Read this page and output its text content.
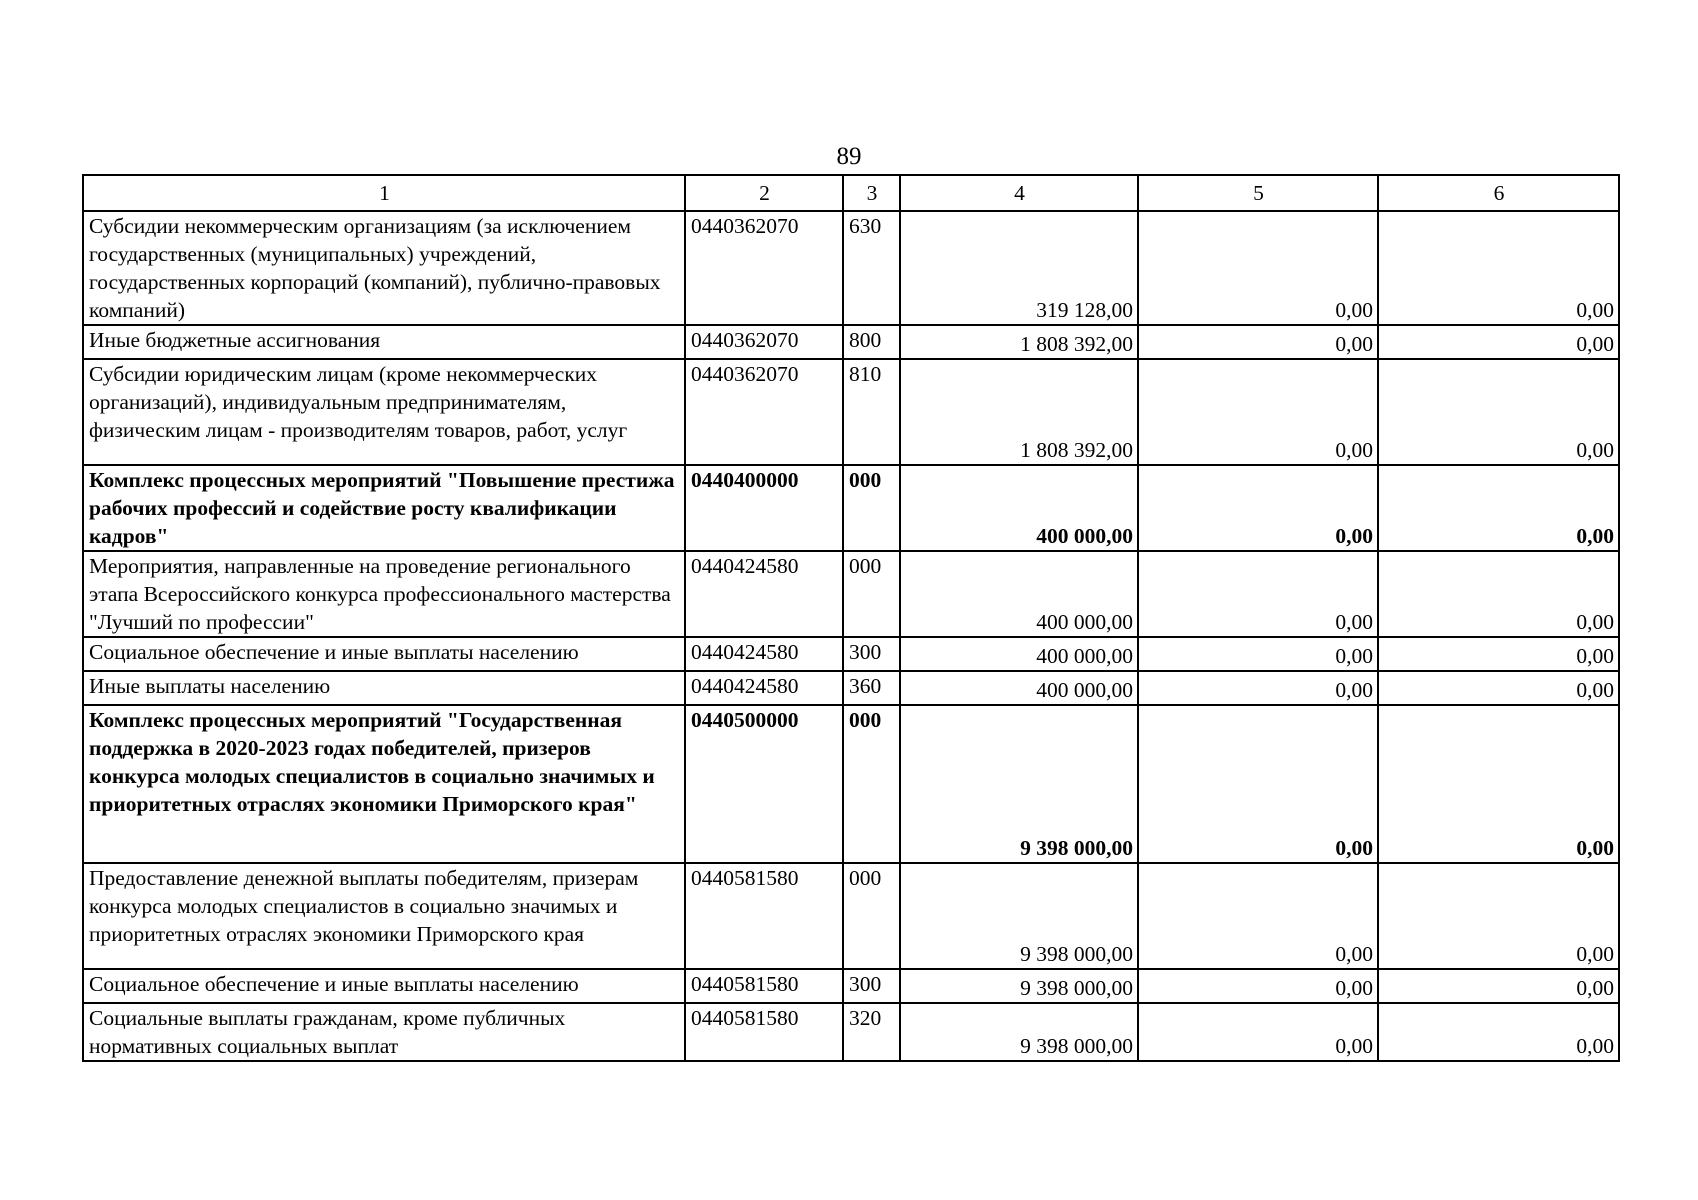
89
1	2	3	4	5	6
Субсидии некоммерческим организациям (за исключением государственных (муниципальных) учреждений, государственных корпораций (компаний), публично-правовых компаний)	0440362070	630	319 128,00	0,00	0,00
Иные бюджетные ассигнования	0440362070	800	1 808 392,00	0,00	0,00
Субсидии юридическим лицам (кроме некоммерческих организаций), индивидуальным предпринимателям, физическим лицам - производителям товаров, работ, услуг	0440362070	810	1 808 392,00	0,00	0,00
Комплекс процессных мероприятий "Повышение престижа рабочих профессий и содействие росту квалификации кадров"	0440400000	000	400 000,00	0,00	0,00
Мероприятия, направленные на проведение регионального этапа Всероссийского конкурса профессионального мастерства "Лучший по профессии"	0440424580	000	400 000,00	0,00	0,00
Социальное обеспечение и иные выплаты населению	0440424580	300	400 000,00	0,00	0,00
Иные выплаты населению	0440424580	360	400 000,00	0,00	0,00
Комплекс процессных мероприятий "Государственная поддержка в 2020-2023 годах победителей, призеров конкурса молодых специалистов в социально значимых и приоритетных отраслях экономики Приморского края"	0440500000	000	9 398 000,00	0,00	0,00
Предоставление денежной выплаты победителям, призерам конкурса молодых специалистов в социально значимых и приоритетных отраслях экономики Приморского края	0440581580	000	9 398 000,00	0,00	0,00
Социальное обеспечение и иные выплаты населению	0440581580	300	9 398 000,00	0,00	0,00
Социальные выплаты гражданам, кроме публичных нормативных социальных выплат	0440581580	320	9 398 000,00	0,00	0,00
